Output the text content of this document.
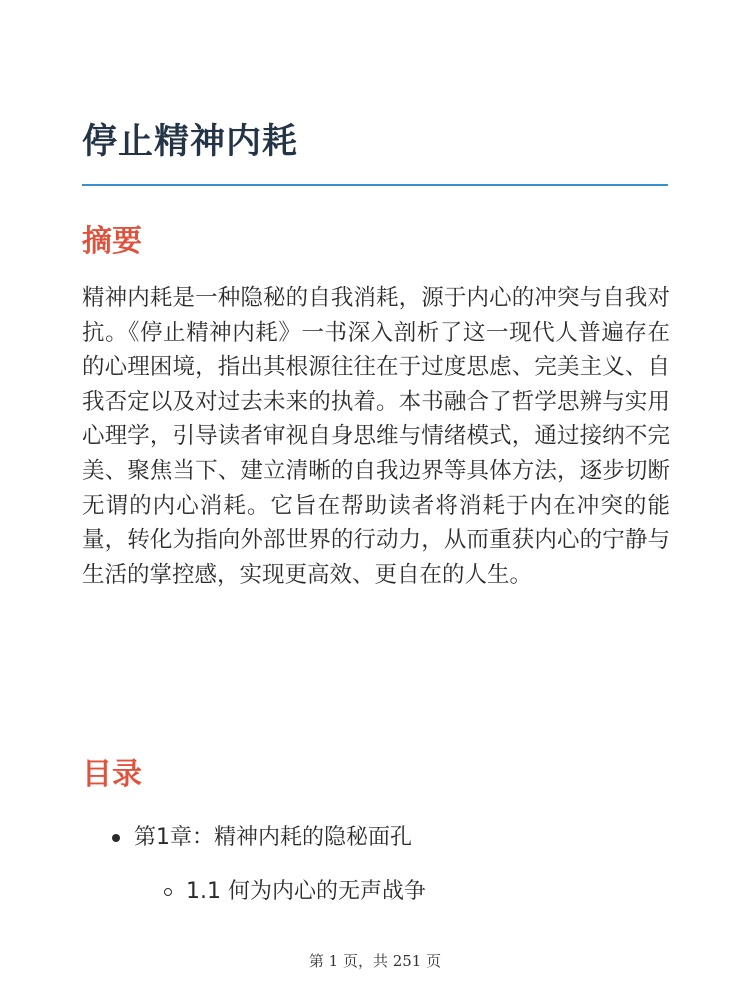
停止精神内耗
摘要

精神内耗是一种隐秘的自我消耗，源于内心的冲突与自我对抗。《停止精神内耗》一书深入剖析了这一现代人普遍存在的心理困境，指出其根源往往在于过度思虑、完美主义、自我否定以及对过去未来的执着。本书融合了哲学思辨与实用心理学，引导读者审视自身思维与情绪模式，通过接纳不完美、聚焦当下、建立清晰的自我边界等具体方法，逐步切断无谓的内心消耗。它旨在帮助读者将消耗于内在冲突的能量，转化为指向外部世界的行动力，从而重获内心的宁静与生活的掌控感，实现更高效、更自在的人生。

目录
第1章：精神内耗的隐秘面孔
1.1 何为内心的无声战争
第 1 页，共 251 页
